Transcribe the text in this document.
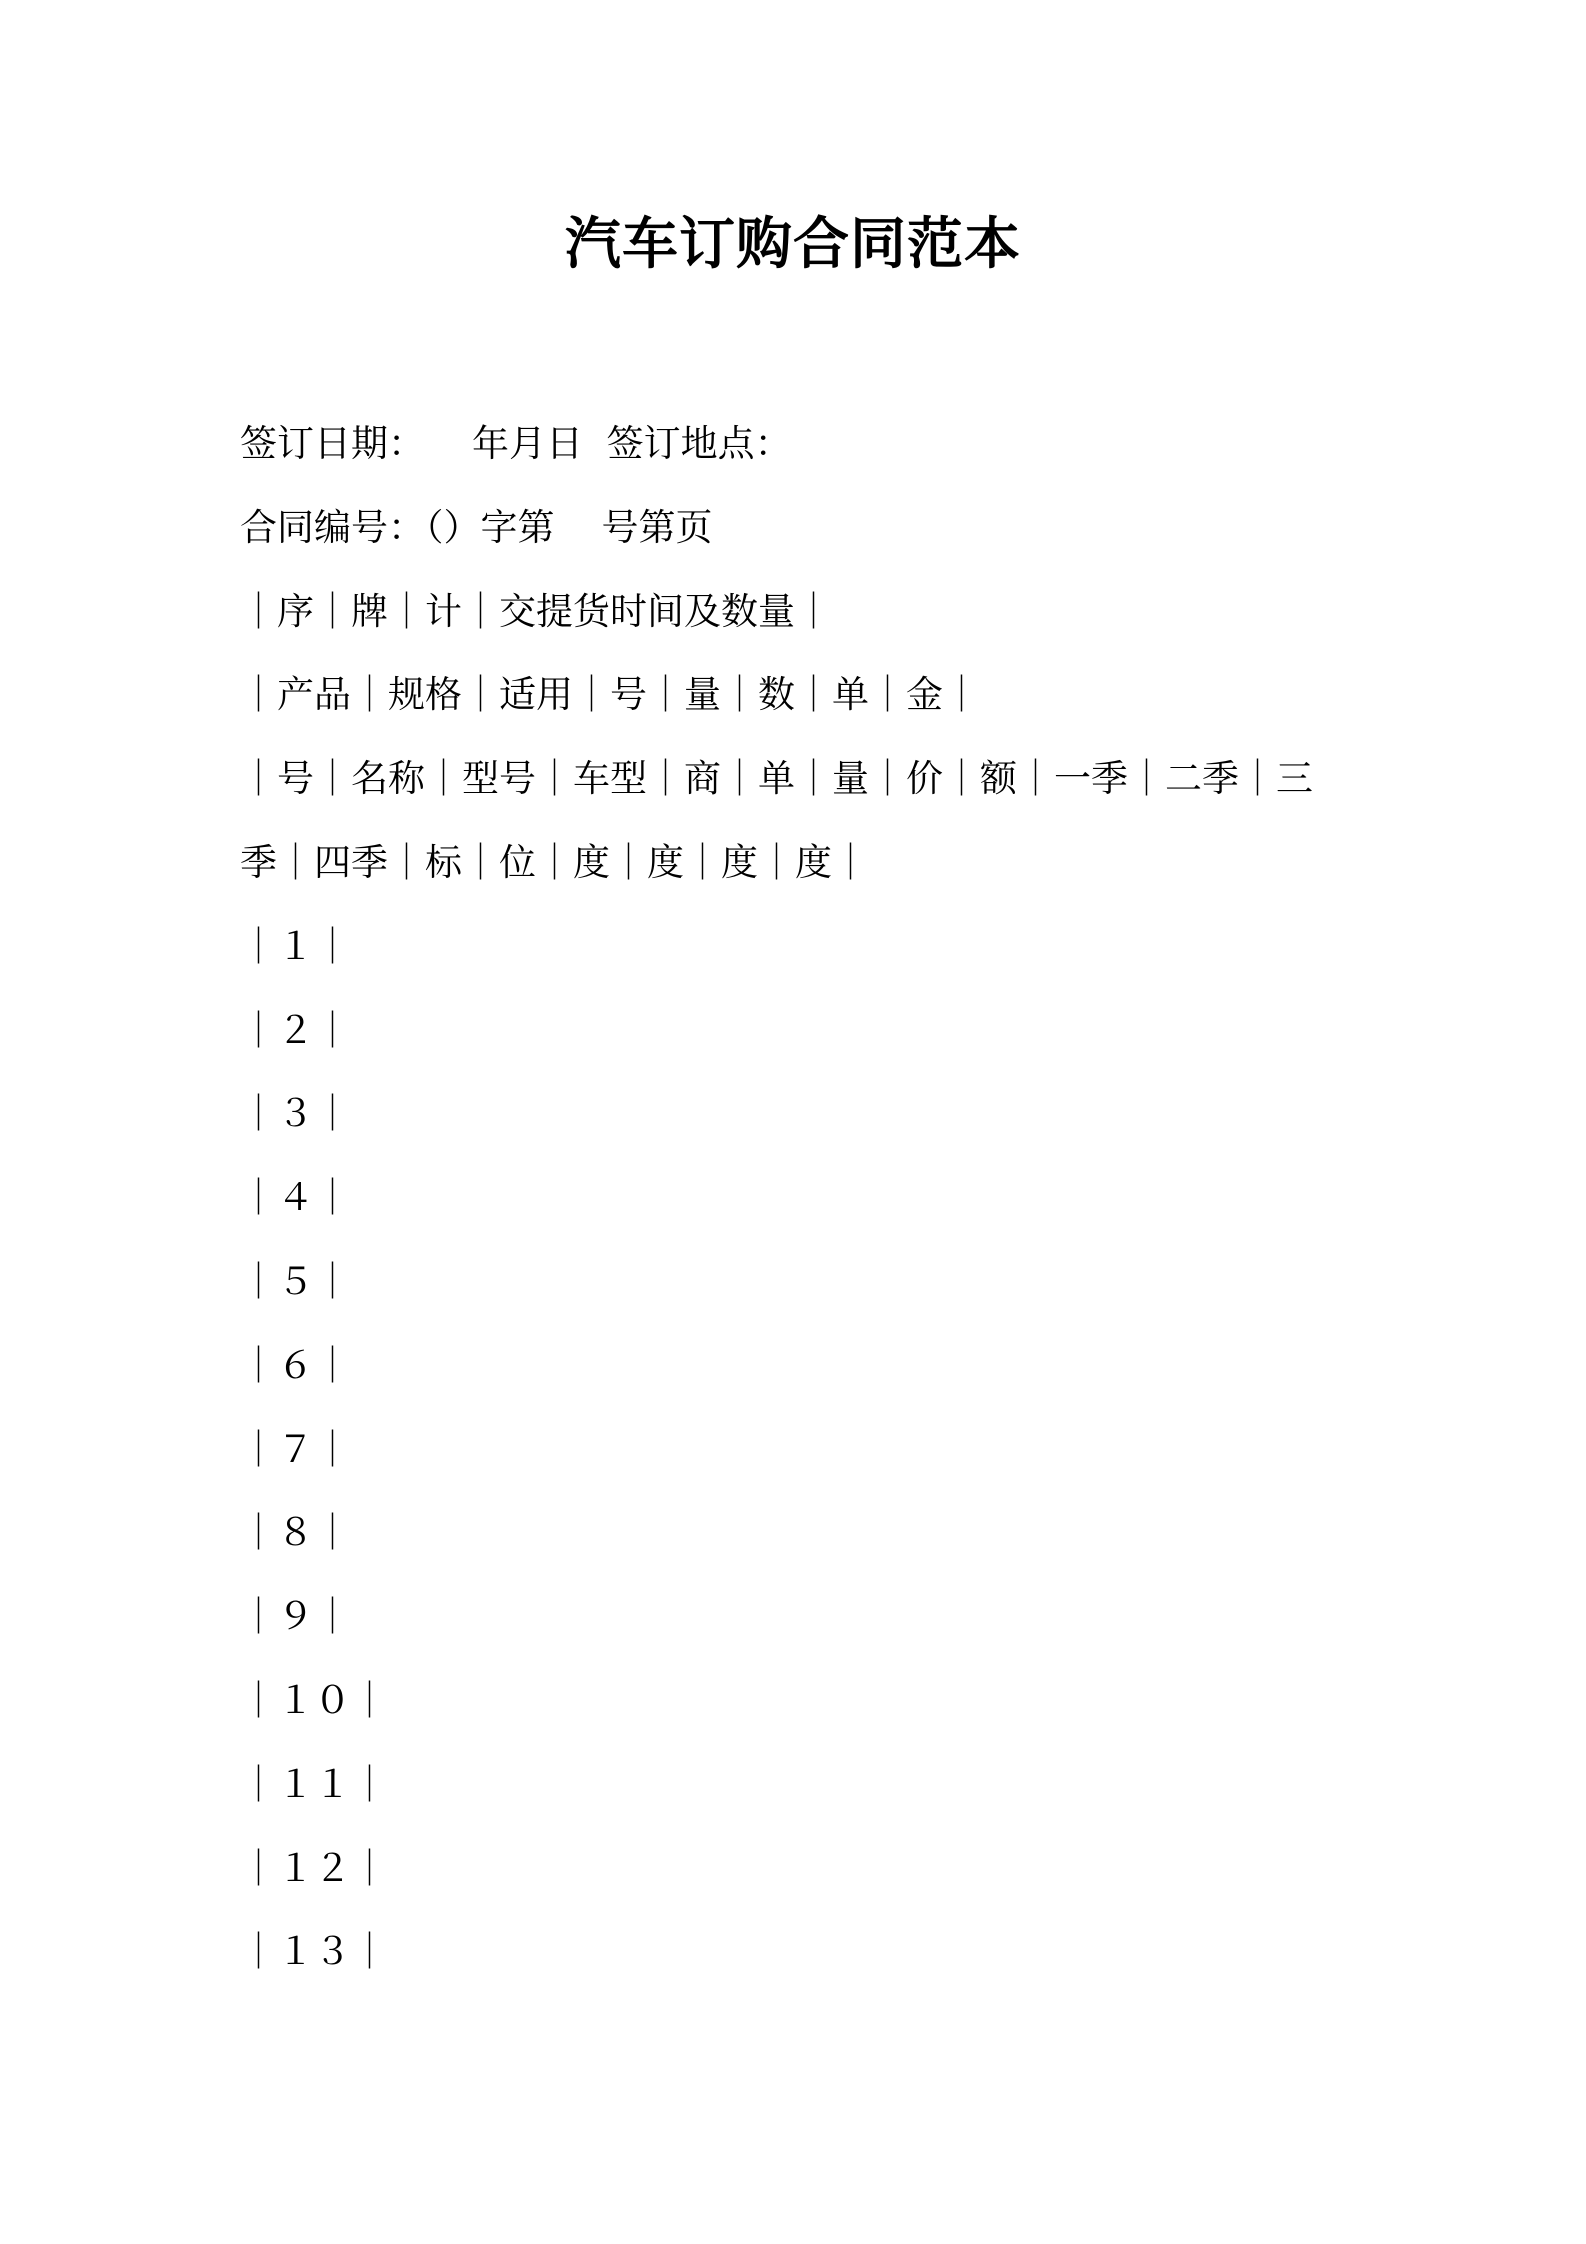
汽车订购合同范本

签订日期：    年月日  签订地点：

合同编号：（）字第    号第页

｜序｜牌｜计｜交提货时间及数量｜

｜产品｜规格｜适用｜号｜量｜数｜单｜金｜

｜号｜名称｜型号｜车型｜商｜单｜量｜价｜额｜一季｜二季｜三

季｜四季｜标｜位｜度｜度｜度｜度｜

｜１｜

｜２｜

｜３｜

｜４｜

｜５｜

｜６｜

｜７｜

｜８｜

｜９｜

｜１０｜

｜１１｜

｜１２｜

｜１３｜
